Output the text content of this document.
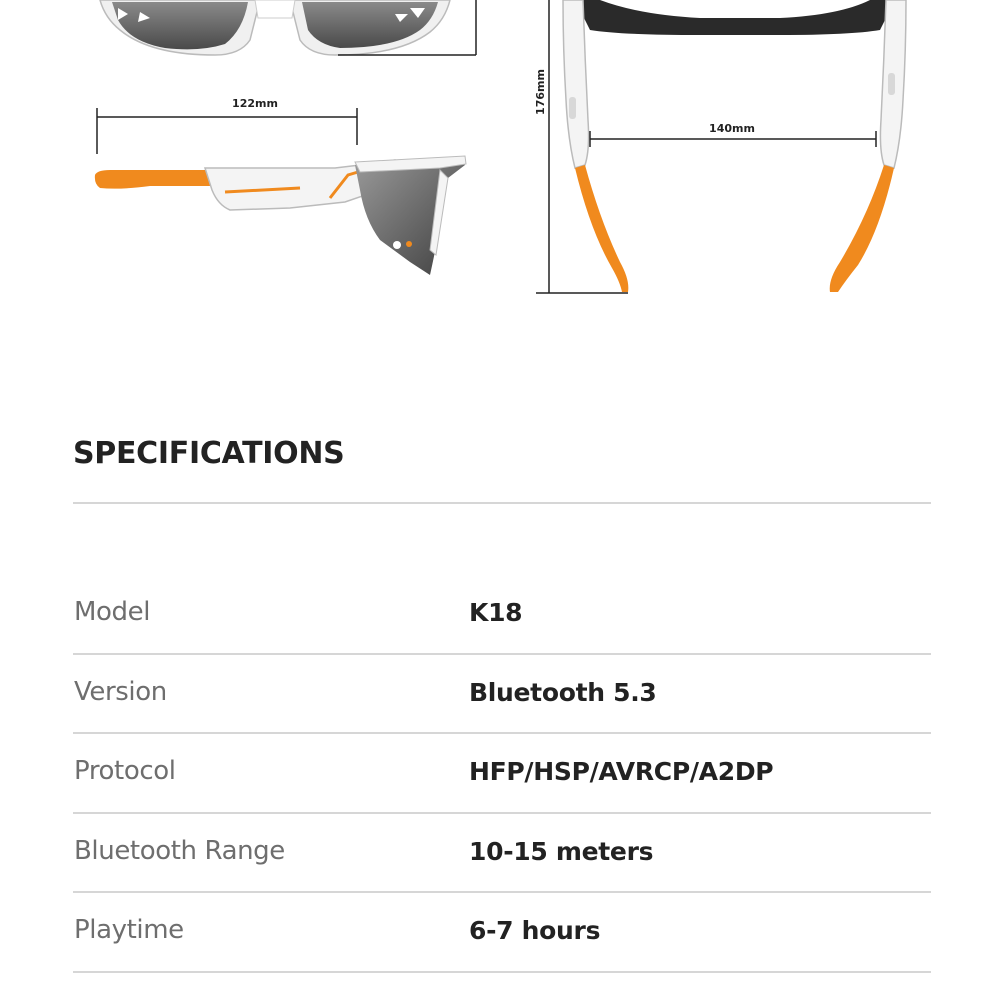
122mm	176mm
140mm
SPECIFICATIONS
Model	K18
Version	Bluetooth 5.3
Protocol	HFP/HSP/AVRCP/A2DP
Bluetooth Range	10-15 meters
Playtime	6-7 hours
